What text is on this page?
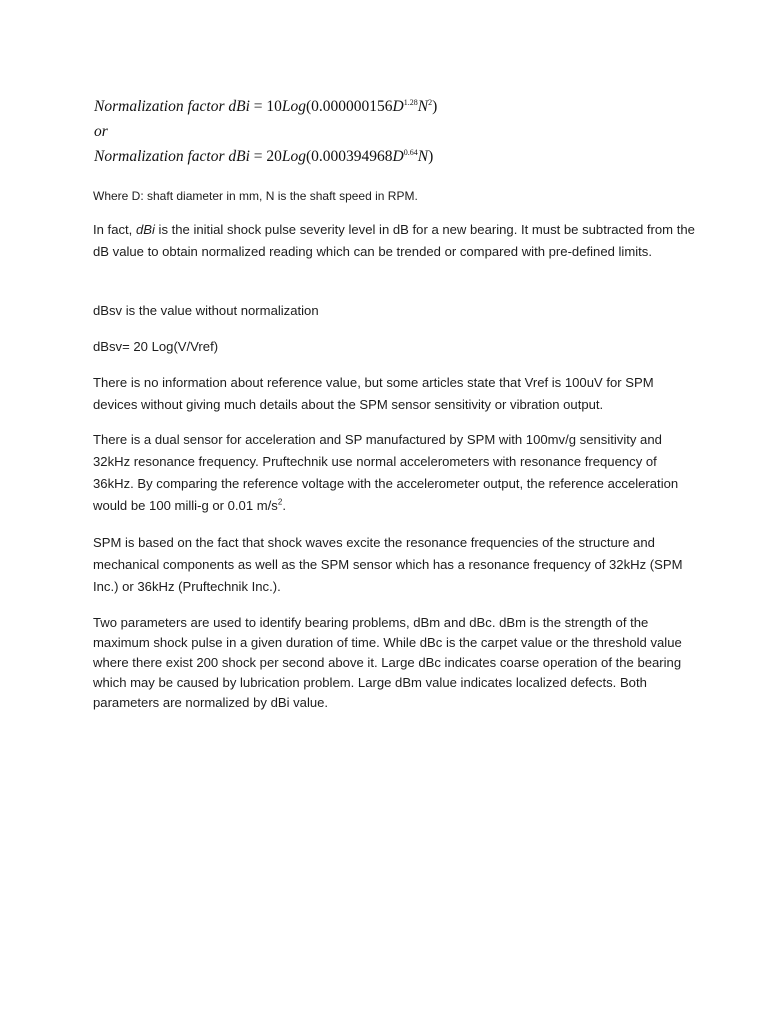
Normalization factor dBi = $10Log(0.000000156D^{1.28}N^2)$
or
Normalization factor dBi = $20Log(0.000394968D^{0.64}N)$

Where D: shaft diameter in mm, N is the shaft speed in RPM.

In fact, dBi is the initial shock pulse severity level in dB for a new bearing. It must be subtracted from the dB value to obtain normalized reading which can be trended or compared with pre-defined limits.

dBsv is the value without normalization

dBsv= 20 Log(V/Vref)

There is no information about reference value, but some articles state that Vref is 100uV for SPM devices without giving much details about the SPM sensor sensitivity or vibration output.

There is a dual sensor for acceleration and SP manufactured by SPM with 100mv/g sensitivity and 32kHz resonance frequency. Pruftechnik use normal accelerometers with resonance frequency of 36kHz. By comparing the reference voltage with the accelerometer output, the reference acceleration would be 100 milli-g or 0.01 $m/s^2$.

SPM is based on the fact that shock waves excite the resonance frequencies of the structure and mechanical components as well as the SPM sensor which has a resonance frequency of 32kHz (SPM Inc.) or 36kHz (Pruftechnik Inc.).

Two parameters are used to identify bearing problems, dBm and dBc. dBm is the strength of the maximum shock pulse in a given duration of time. While dBc is the carpet value or the threshold value where there exist 200 shock per second above it. Large dBc indicates coarse operation of the bearing which may be caused by lubrication problem. Large dBm value indicates localized defects. Both parameters are normalized by dBi value.
